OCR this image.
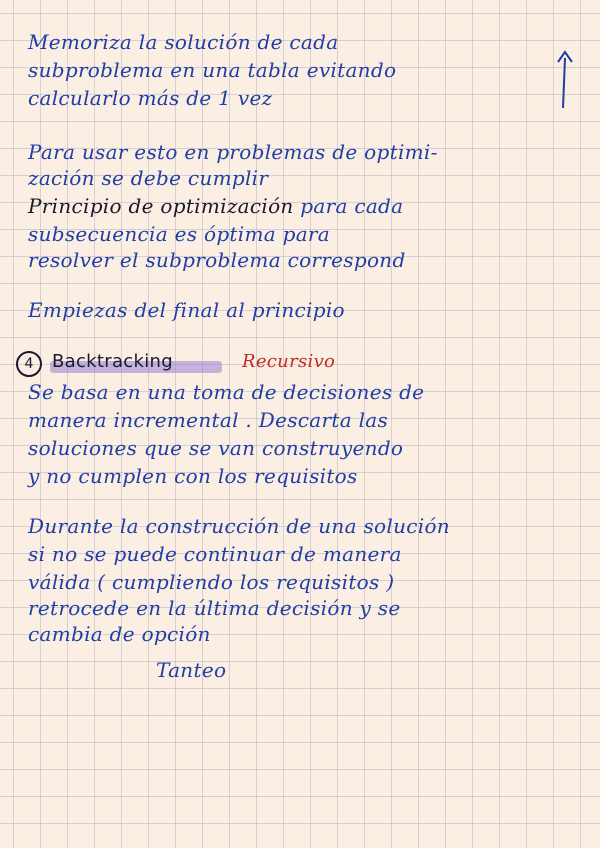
Memoriza la solución de cada
subproblema en una tabla evitando
calcularlo más de 1 vez
Para usar esto en problemas de optimi-
zación se debe cumplir
Principio de optimización para cada
subsecuencia es óptima para
resolver el subproblema correspond
Empiezas del final al principio
4	Backtracking	Recursivo
Se basa en una toma de decisiones de
manera incremental . Descarta las
soluciones que se van construyendo
y no cumplen con los requisitos
Durante la construcción de una solución
si no se puede continuar de manera
válida ( cumpliendo los requisitos )
retrocede en la última decisión y se
cambia de opción
Tanteo
